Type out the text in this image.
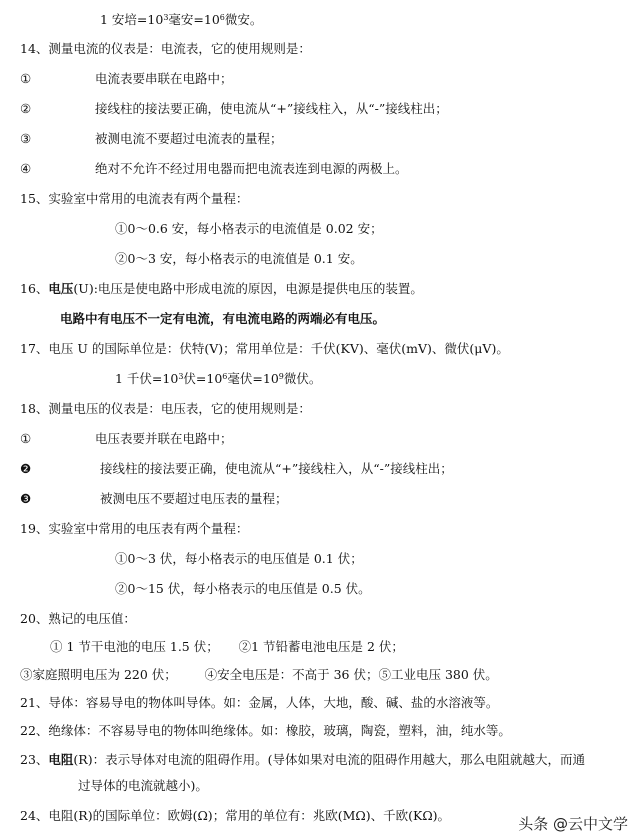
1 安培$=10^3$毫安$=10^6$微安。
14、测量电流的仪表是：电流表，它的使用规则是：
①	电流表要串联在电路中；
②	接线柱的接法要正确，使电流从“+”接线柱入，从“-”接线柱出；
③	被测电流不要超过电流表的量程；
④	绝对不允许不经过用电器而把电流表连到电源的两极上。
15、实验室中常用的电流表有两个量程：
①0～0.6 安，每小格表示的电流值是 0.02 安；
②0～3 安，每小格表示的电流值是 0.1 安。
16、电压(U):电压是使电路中形成电流的原因，电源是提供电压的装置。
电路中有电压不一定有电流，有电流电路的两端必有电压。
17、电压 U 的国际单位是：伏特(V)；常用单位是：千伏(KV)、毫伏(mV)、微伏(μV)。
1 千伏$=10^3$伏$=10^6$毫伏$=10^9$微伏。
18、测量电压的仪表是：电压表，它的使用规则是：
①	电压表要并联在电路中；
❷	接线柱的接法要正确，使电流从“+”接线柱入，从“-”接线柱出；
❸	被测电压不要超过电压表的量程；
19、实验室中常用的电压表有两个量程：
①0～3 伏，每小格表示的电压值是 0.1 伏；
②0～15 伏，每小格表示的电压值是 0.5 伏。
20、熟记的电压值：
① 1 节干电池的电压 1.5 伏；     ②1 节铅蓄电池电压是 2 伏；
③家庭照明电压为 220 伏；       ④安全电压是：不高于 36 伏；⑤工业电压 380 伏。
21、导体：容易导电的物体叫导体。如：金属，人体，大地，酸、碱、盐的水溶液等。
22、绝缘体：不容易导电的物体叫绝缘体。如：橡胶，玻璃，陶瓷，塑料，油，纯水等。
23、电阻(R)：表示导体对电流的阻碍作用。(导体如果对电流的阻碍作用越大，那么电阻就越大，而通
过导体的电流就越小)。
24、电阻(R)的国际单位：欧姆(Ω)；常用的单位有：兆欧(MΩ)、千欧(KΩ)。	头条 @云中文学
